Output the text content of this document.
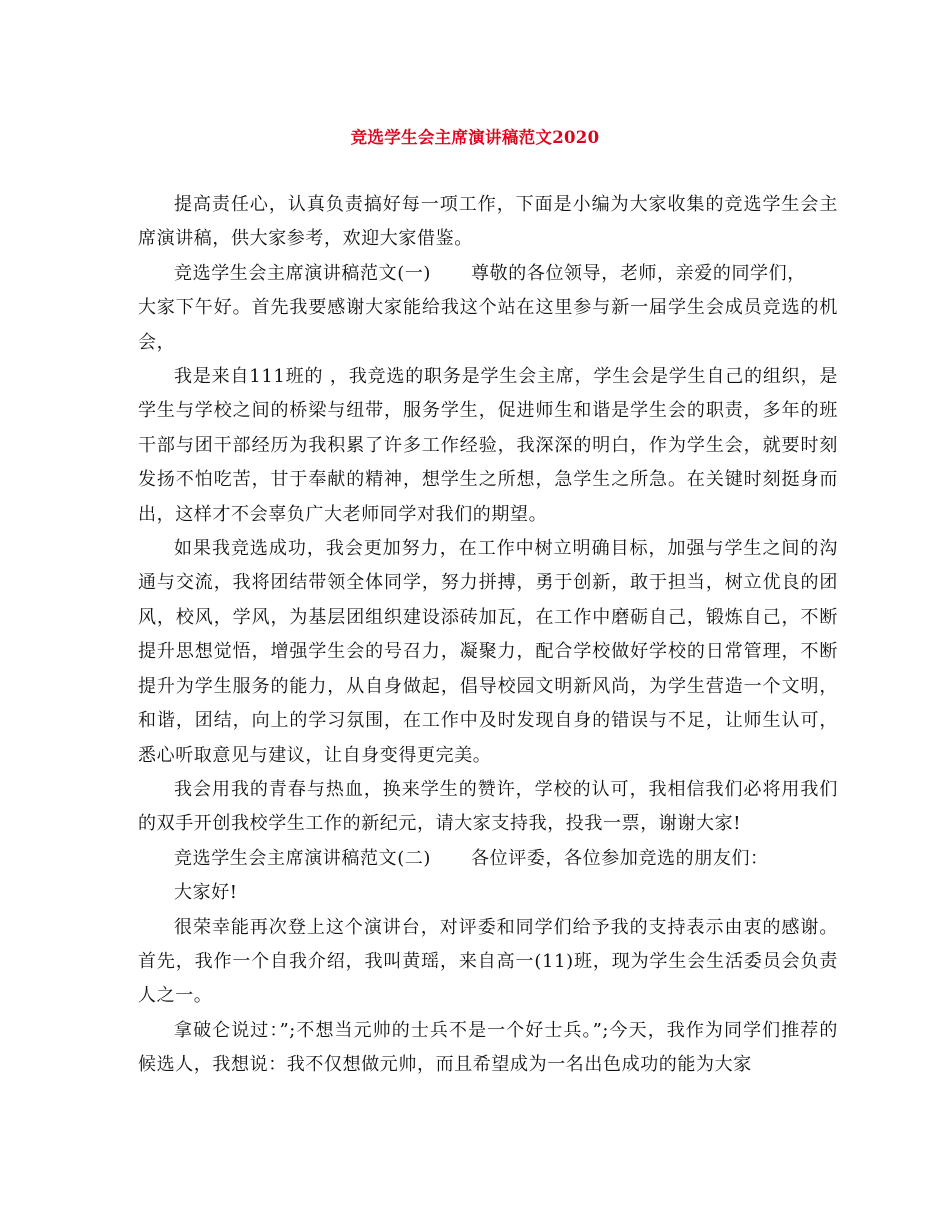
竞选学生会主席演讲稿范文2020

提高责任心，认真负责搞好每一项工作，下面是小编为大家收集的竞选学生会主席演讲稿，供大家参考，欢迎大家借鉴。

竞选学生会主席演讲稿范文(一) 尊敬的各位领导，老师，亲爱的同学们，

大家下午好。首先我要感谢大家能给我这个站在这里参与新一届学生会成员竞选的机会，

我是来自111班的 ，我竞选的职务是学生会主席，学生会是学生自己的组织，是学生与学校之间的桥梁与纽带，服务学生，促进师生和谐是学生会的职责，多年的班干部与团干部经历为我积累了许多工作经验，我深深的明白，作为学生会，就要时刻发扬不怕吃苦，甘于奉献的精神，想学生之所想，急学生之所急。在关键时刻挺身而出，这样才不会辜负广大老师同学对我们的期望。

如果我竞选成功，我会更加努力，在工作中树立明确目标，加强与学生之间的沟通与交流，我将团结带领全体同学，努力拼搏，勇于创新，敢于担当，树立优良的团风，校风，学风，为基层团组织建设添砖加瓦，在工作中磨砺自己，锻炼自己，不断提升思想觉悟，增强学生会的号召力，凝聚力，配合学校做好学校的日常管理，不断提升为学生服务的能力，从自身做起，倡导校园文明新风尚，为学生营造一个文明，和谐，团结，向上的学习氛围，在工作中及时发现自身的错误与不足，让师生认可，悉心听取意见与建议，让自身变得更完美。

我会用我的青春与热血，换来学生的赞许，学校的认可，我相信我们必将用我们的双手开创我校学生工作的新纪元，请大家支持我，投我一票，谢谢大家!

竞选学生会主席演讲稿范文(二) 各位评委，各位参加竞选的朋友们：

大家好!

很荣幸能再次登上这个演讲台，对评委和同学们给予我的支持表示由衷的感谢。首先，我作一个自我介绍，我叫黄瑶，来自高一(11)班，现为学生会生活委员会负责人之一。

拿破仑说过：”;不想当元帅的士兵不是一个好士兵。”;今天，我作为同学们推荐的候选人，我想说：我不仅想做元帅，而且希望成为一名出色成功的能为大家
